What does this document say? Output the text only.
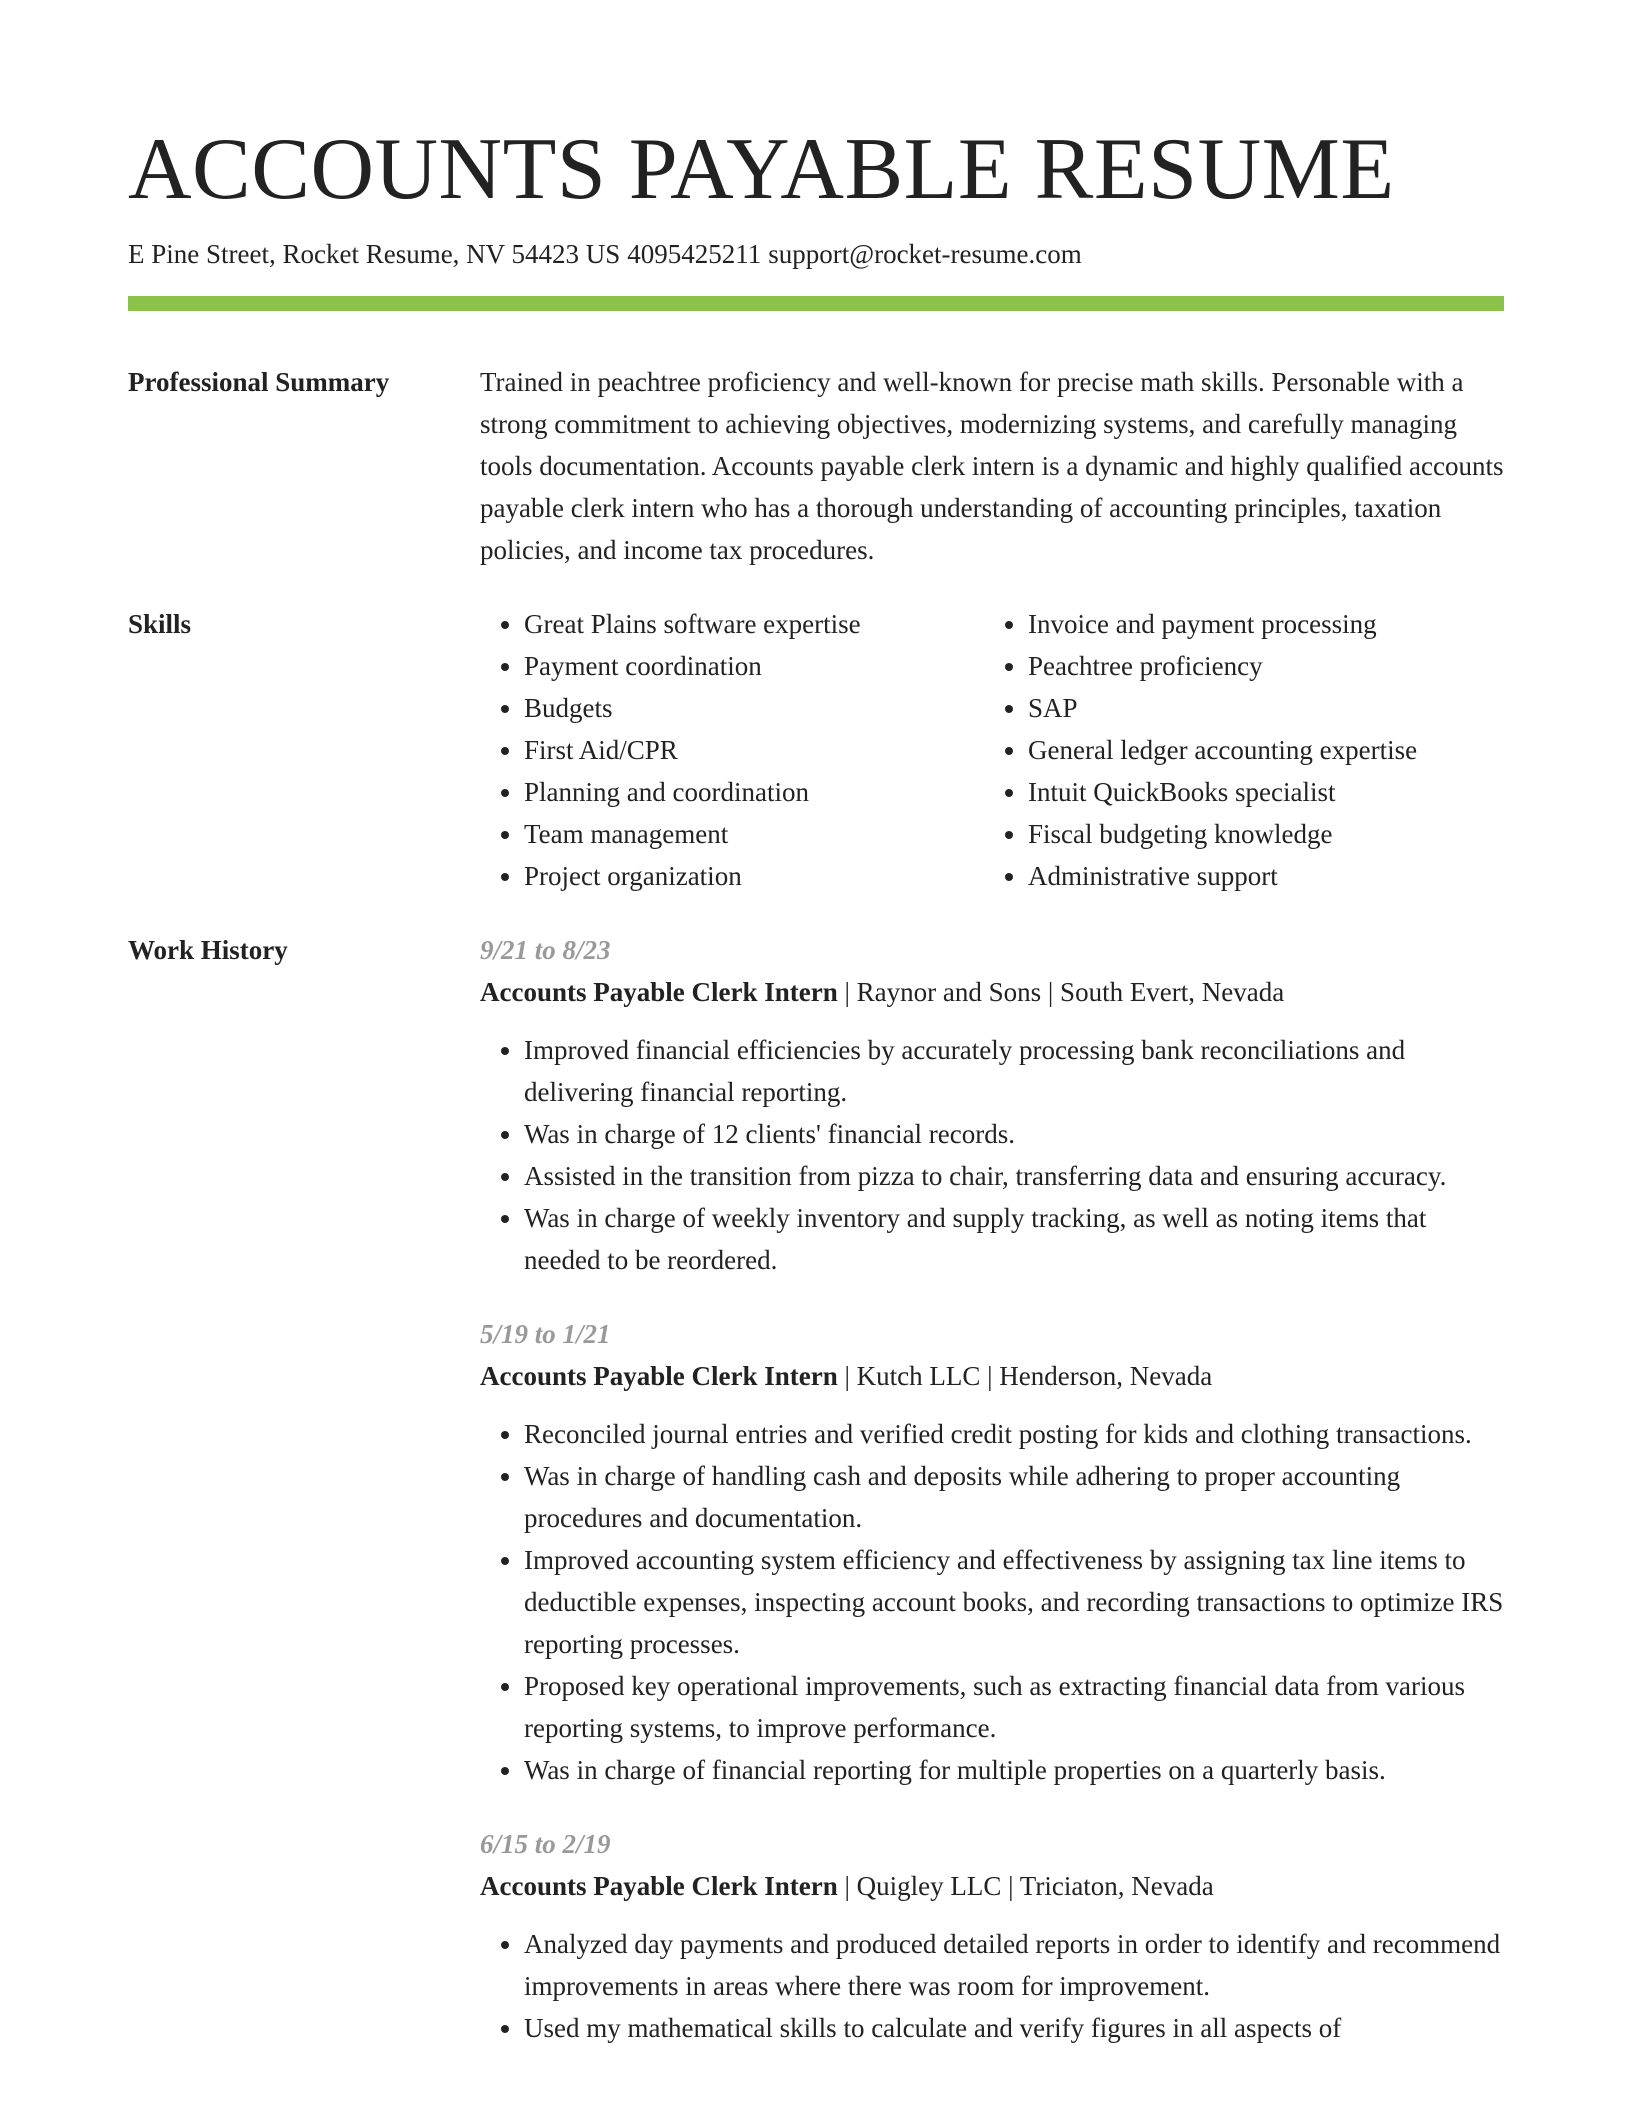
ACCOUNTS PAYABLE RESUME
E Pine Street, Rocket Resume, NV 54423 US 4095425211 support@rocket-resume.com
Professional Summary	Trained in peachtree proficiency and well-known for precise math skills. Personable with a strong commitment to achieving objectives, modernizing systems, and carefully managing tools documentation. Accounts payable clerk intern is a dynamic and highly qualified accounts payable clerk intern who has a thorough understanding of accounting principles, taxation policies, and income tax procedures.

Skills
•	Great Plains software expertise
• Payment coordination
• Budgets
• First Aid/CPR
• Planning and coordination
• Team management
• Project organization
• Invoice and payment processing
• Peachtree proficiency
• SAP
• General ledger accounting expertise
• Intuit QuickBooks specialist
• Fiscal budgeting knowledge
• Administrative support
Work History	9/21 to 8/23
Accounts Payable Clerk Intern | Raynor and Sons | South Evert, Nevada
• Improved financial efficiencies by accurately processing bank reconciliations and delivering financial reporting.
• Was in charge of 12 clients' financial records.
• Assisted in the transition from pizza to chair, transferring data and ensuring accuracy.
• Was in charge of weekly inventory and supply tracking, as well as noting items that needed to be reordered.
5/19 to 1/21
Accounts Payable Clerk Intern | Kutch LLC | Henderson, Nevada
• Reconciled journal entries and verified credit posting for kids and clothing transactions.
• Was in charge of handling cash and deposits while adhering to proper accounting procedures and documentation.
• Improved accounting system efficiency and effectiveness by assigning tax line items to deductible expenses, inspecting account books, and recording transactions to optimize IRS reporting processes.
• Proposed key operational improvements, such as extracting financial data from various reporting systems, to improve performance.
• Was in charge of financial reporting for multiple properties on a quarterly basis.
6/15 to 2/19
Accounts Payable Clerk Intern | Quigley LLC | Triciaton, Nevada
• Analyzed day payments and produced detailed reports in order to identify and recommend improvements in areas where there was room for improvement.
• Used my mathematical skills to calculate and verify figures in all aspects of
